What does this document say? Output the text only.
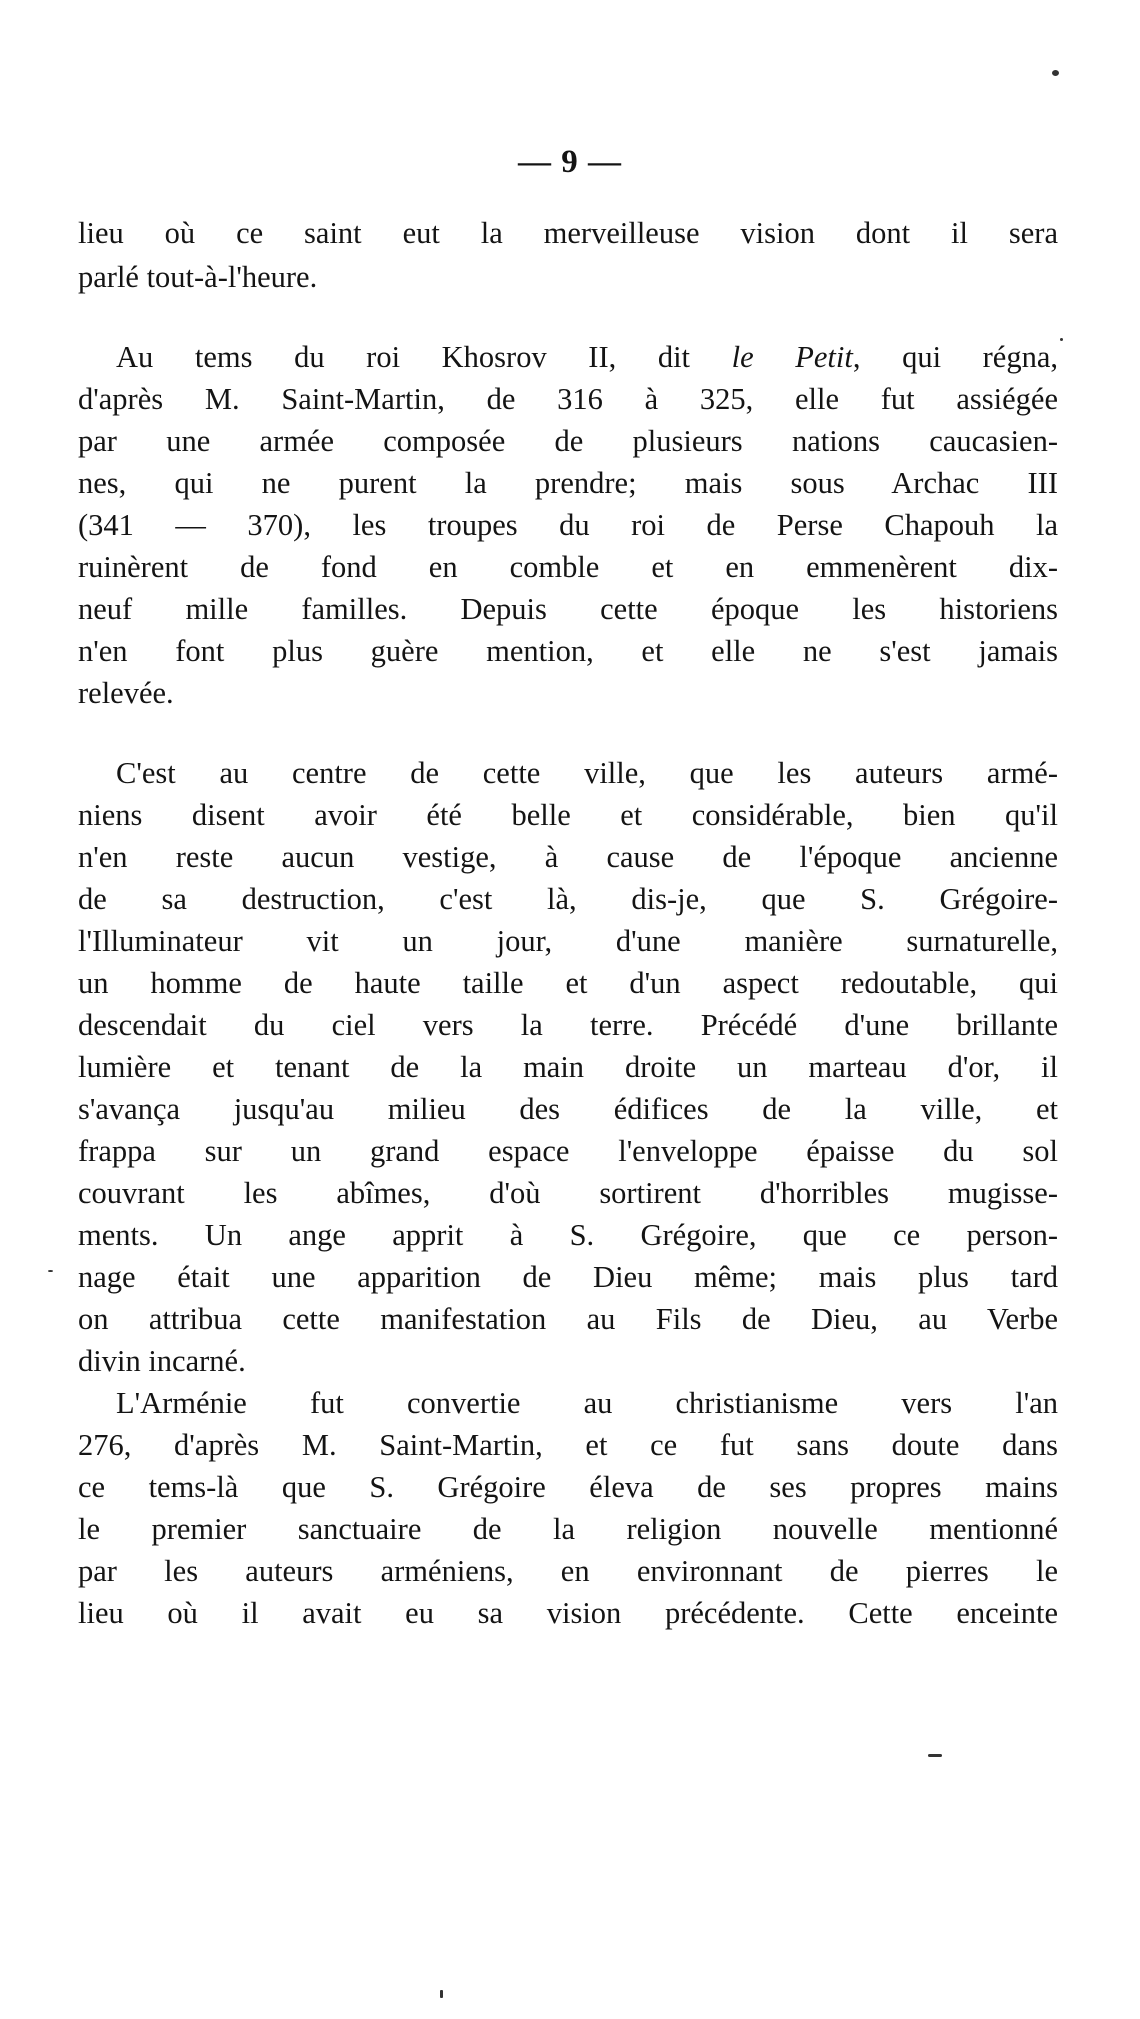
— 9 —
lieu où ce saint eut la merveilleuse vision dont il sera
parlé tout-à-l'heure.
Au tems du roi Khosrov II, dit le Petit, qui régna,
d'après M. Saint-Martin, de 316 à 325, elle fut assiégée
par une armée composée de plusieurs nations caucasien-
nes, qui ne purent la prendre; mais sous Archac III
(341 — 370), les troupes du roi de Perse Chapouh la
ruinèrent de fond en comble et en emmenèrent dix-
neuf mille familles. Depuis cette époque les historiens
n'en font plus guère mention, et elle ne s'est jamais
relevée.
C'est au centre de cette ville, que les auteurs armé-
niens disent avoir été belle et considérable, bien qu'il
n'en reste aucun vestige, à cause de l'époque ancienne
de sa destruction, c'est là, dis-je, que S. Grégoire-
l'Illuminateur vit un jour, d'une manière surnaturelle,
un homme de haute taille et d'un aspect redoutable, qui
descendait du ciel vers la terre. Précédé d'une brillante
lumière et tenant de la main droite un marteau d'or, il
s'avança jusqu'au milieu des édifices de la ville, et
frappa sur un grand espace l'enveloppe épaisse du sol
couvrant les abîmes, d'où sortirent d'horribles mugisse-
ments. Un ange apprit à S. Grégoire, que ce person-
nage était une apparition de Dieu même; mais plus tard
on attribua cette manifestation au Fils de Dieu, au Verbe
divin incarné.
L'Arménie fut convertie au christianisme vers l'an
276, d'après M. Saint-Martin, et ce fut sans doute dans
ce tems-là que S. Grégoire éleva de ses propres mains
le premier sanctuaire de la religion nouvelle mentionné
par les auteurs arméniens, en environnant de pierres le
lieu où il avait eu sa vision précédente. Cette enceinte
